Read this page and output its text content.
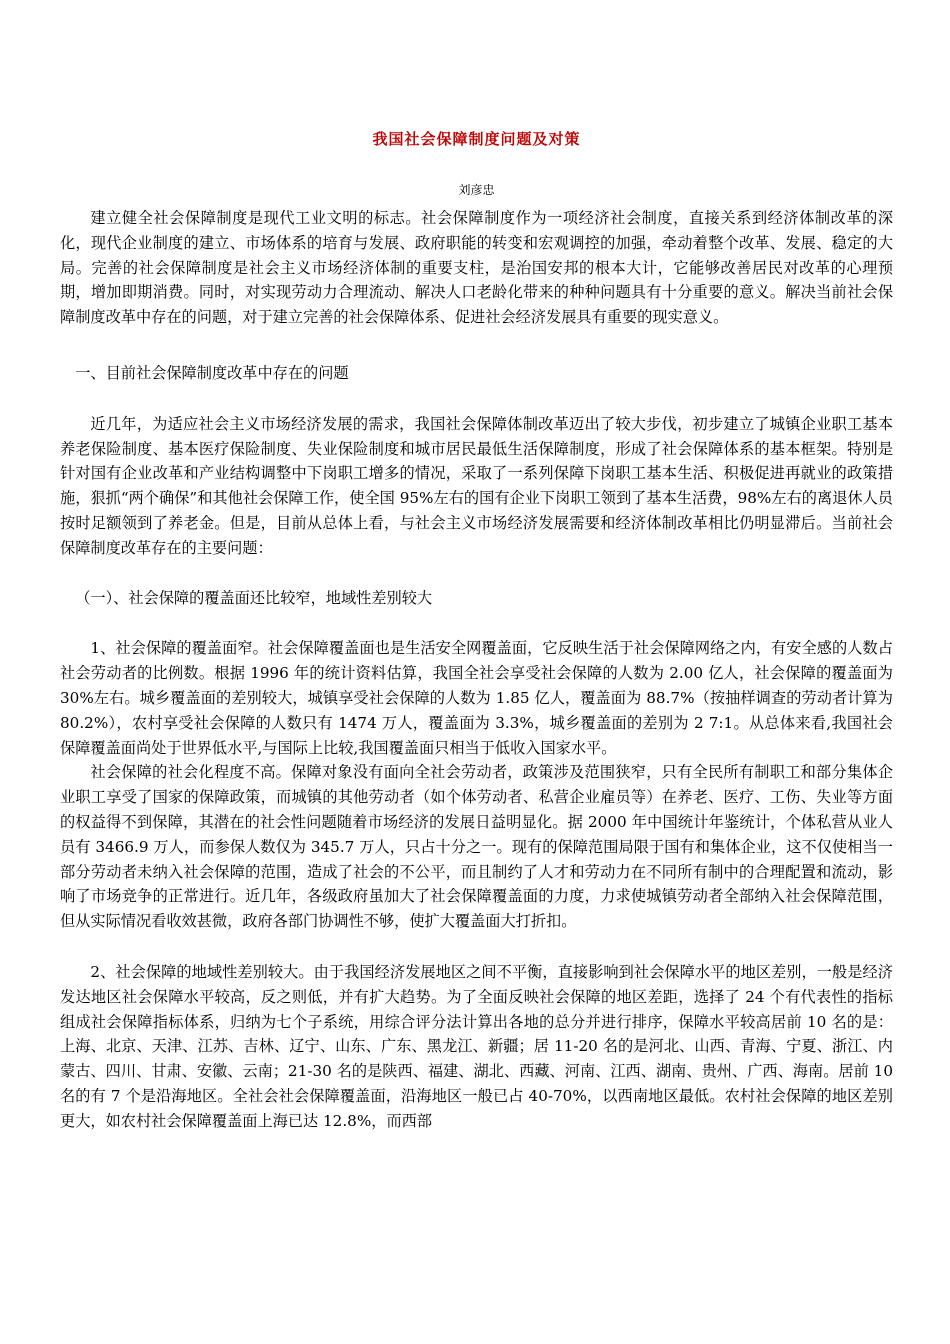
我国社会保障制度问题及对策
刘彦忠

建立健全社会保障制度是现代工业文明的标志。社会保障制度作为一项经济社会制度，直接关系到经济体制改革的深化，现代企业制度的建立、市场体系的培育与发展、政府职能的转变和宏观调控的加强，牵动着整个改革、发展、稳定的大局。完善的社会保障制度是社会主义市场经济体制的重要支柱，是治国安邦的根本大计，它能够改善居民对改革的心理预期，增加即期消费。同时，对实现劳动力合理流动、解决人口老龄化带来的种种问题具有十分重要的意义。解决当前社会保障制度改革中存在的问题，对于建立完善的社会保障体系、促进社会经济发展具有重要的现实意义。

一、目前社会保障制度改革中存在的问题

近几年，为适应社会主义市场经济发展的需求，我国社会保障体制改革迈出了较大步伐，初步建立了城镇企业职工基本养老保险制度、基本医疗保险制度、失业保险制度和城市居民最低生活保障制度，形成了社会保障体系的基本框架。特别是针对国有企业改革和产业结构调整中下岗职工增多的情况，采取了一系列保障下岗职工基本生活、积极促进再就业的政策措施，狠抓“两个确保”和其他社会保障工作，使全国 95%左右的国有企业下岗职工领到了基本生活费，98%左右的离退休人员按时足额领到了养老金。但是，目前从总体上看，与社会主义市场经济发展需要和经济体制改革相比仍明显滞后。当前社会保障制度改革存在的主要问题：

（一）、社会保障的覆盖面还比较窄，地域性差别较大

1、社会保障的覆盖面窄。社会保障覆盖面也是生活安全网覆盖面，它反映生活于社会保障网络之内，有安全感的人数占社会劳动者的比例数。根据 1996 年的统计资料估算，我国全社会享受社会保障的人数为 2.00 亿人，社会保障的覆盖面为 30%左右。城乡覆盖面的差别较大，城镇享受社会保障的人数为 1.85 亿人，覆盖面为 88.7%（按抽样调查的劳动者计算为 80.2%），农村享受社会保障的人数只有 1474 万人，覆盖面为 3.3%，城乡覆盖面的差别为 2 7:1。从总体来看,我国社会保障覆盖面尚处于世界低水平,与国际上比较,我国覆盖面只相当于低收入国家水平。

社会保障的社会化程度不高。保障对象没有面向全社会劳动者，政策涉及范围狭窄，只有全民所有制职工和部分集体企业职工享受了国家的保障政策，而城镇的其他劳动者（如个体劳动者、私营企业雇员等）在养老、医疗、工伤、失业等方面的权益得不到保障，其潜在的社会性问题随着市场经济的发展日益明显化。据 2000 年中国统计年鉴统计，个体私营从业人员有 3466.9 万人，而参保人数仅为 345.7 万人，只占十分之一。现有的保障范围局限于国有和集体企业，这不仅使相当一部分劳动者未纳入社会保障的范围，造成了社会的不公平，而且制约了人才和劳动力在不同所有制中的合理配置和流动，影响了市场竞争的正常进行。近几年，各级政府虽加大了社会保障覆盖面的力度，力求使城镇劳动者全部纳入社会保障范围，但从实际情况看收效甚微，政府各部门协调性不够，使扩大覆盖面大打折扣。

2、社会保障的地域性差别较大。由于我国经济发展地区之间不平衡，直接影响到社会保障水平的地区差别，一般是经济发达地区社会保障水平较高，反之则低，并有扩大趋势。为了全面反映社会保障的地区差距，选择了 24 个有代表性的指标组成社会保障指标体系，归纳为七个子系统，用综合评分法计算出各地的总分并进行排序，保障水平较高居前 10 名的是：上海、北京、天津、江苏、吉林、辽宁、山东、广东、黑龙江、新疆；居 11-20 名的是河北、山西、青海、宁夏、浙江、内蒙古、四川、甘肃、安徽、云南；21-30 名的是陕西、福建、湖北、西藏、河南、江西、湖南、贵州、广西、海南。居前 10 名的有 7 个是沿海地区。全社会社会保障覆盖面，沿海地区一般已占 40-70%，以西南地区最低。农村社会保障的地区差别更大，如农村社会保障覆盖面上海已达 12.8%，而西部
